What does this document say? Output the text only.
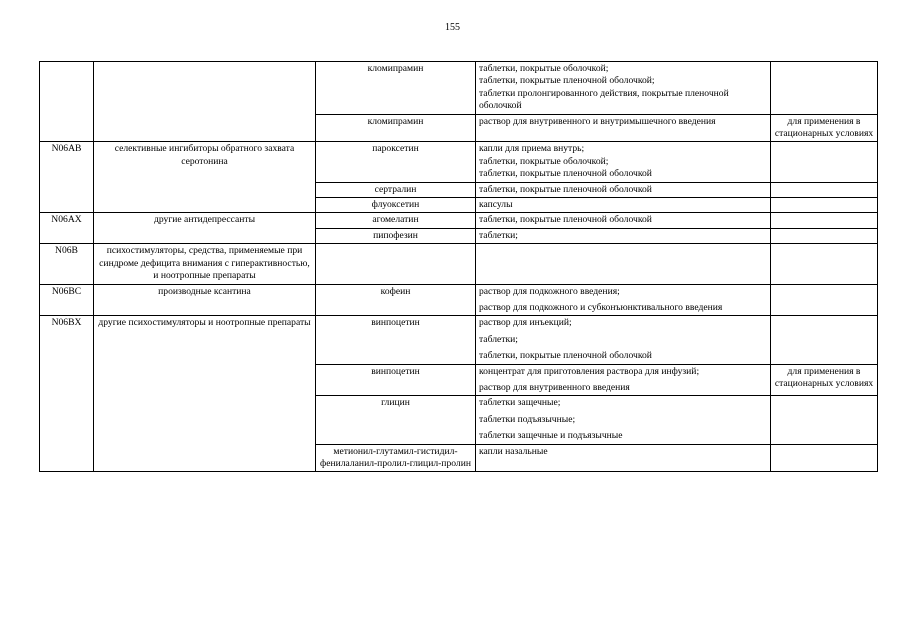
155
		кломипрамин	таблетки, покрытые оболочкой;
таблетки, покрытые пленочной оболочкой;
таблетки пролонгированного действия, покрытые пленочной оболочкой	

		кломипрамин	раствор для внутривенного и внутримышечного введения	для применения в стационарных условиях
N06AB	селективные ингибиторы обратного захвата серотонина	пароксетин	капли для приема внутрь;
таблетки, покрытые оболочкой;
таблетки, покрытые пленочной оболочкой	

		сертралин	таблетки, покрытые пленочной оболочкой	

		флуоксетин	капсулы	

N06AX	другие антидепрессанты	агомелатин	таблетки, покрытые пленочной оболочкой	

		пипофезин	таблетки;	

N06B	психостимуляторы, средства, применяемые при синдроме дефицита внимания с гиперактивностью, и ноотропные препараты			
N06BC	производные ксантина	кофеин	раствор для подкожного введения;
раствор для подкожного и субконъюнктивального введения	

N06BX	другие психостимуляторы и ноотропные препараты	винпоцетин	раствор для инъекций;
таблетки;
таблетки, покрытые пленочной оболочкой	

		винпоцетин	концентрат для приготовления раствора для инфузий;
раствор для внутривенного введения	для применения в стационарных условиях
		глицин	таблетки защечные;
таблетки подъязычные;
таблетки защечные и подъязычные	

		метионил-глутамил-гистидил-фенилаланил-пролил-глицил-пролин	капли назальные	
